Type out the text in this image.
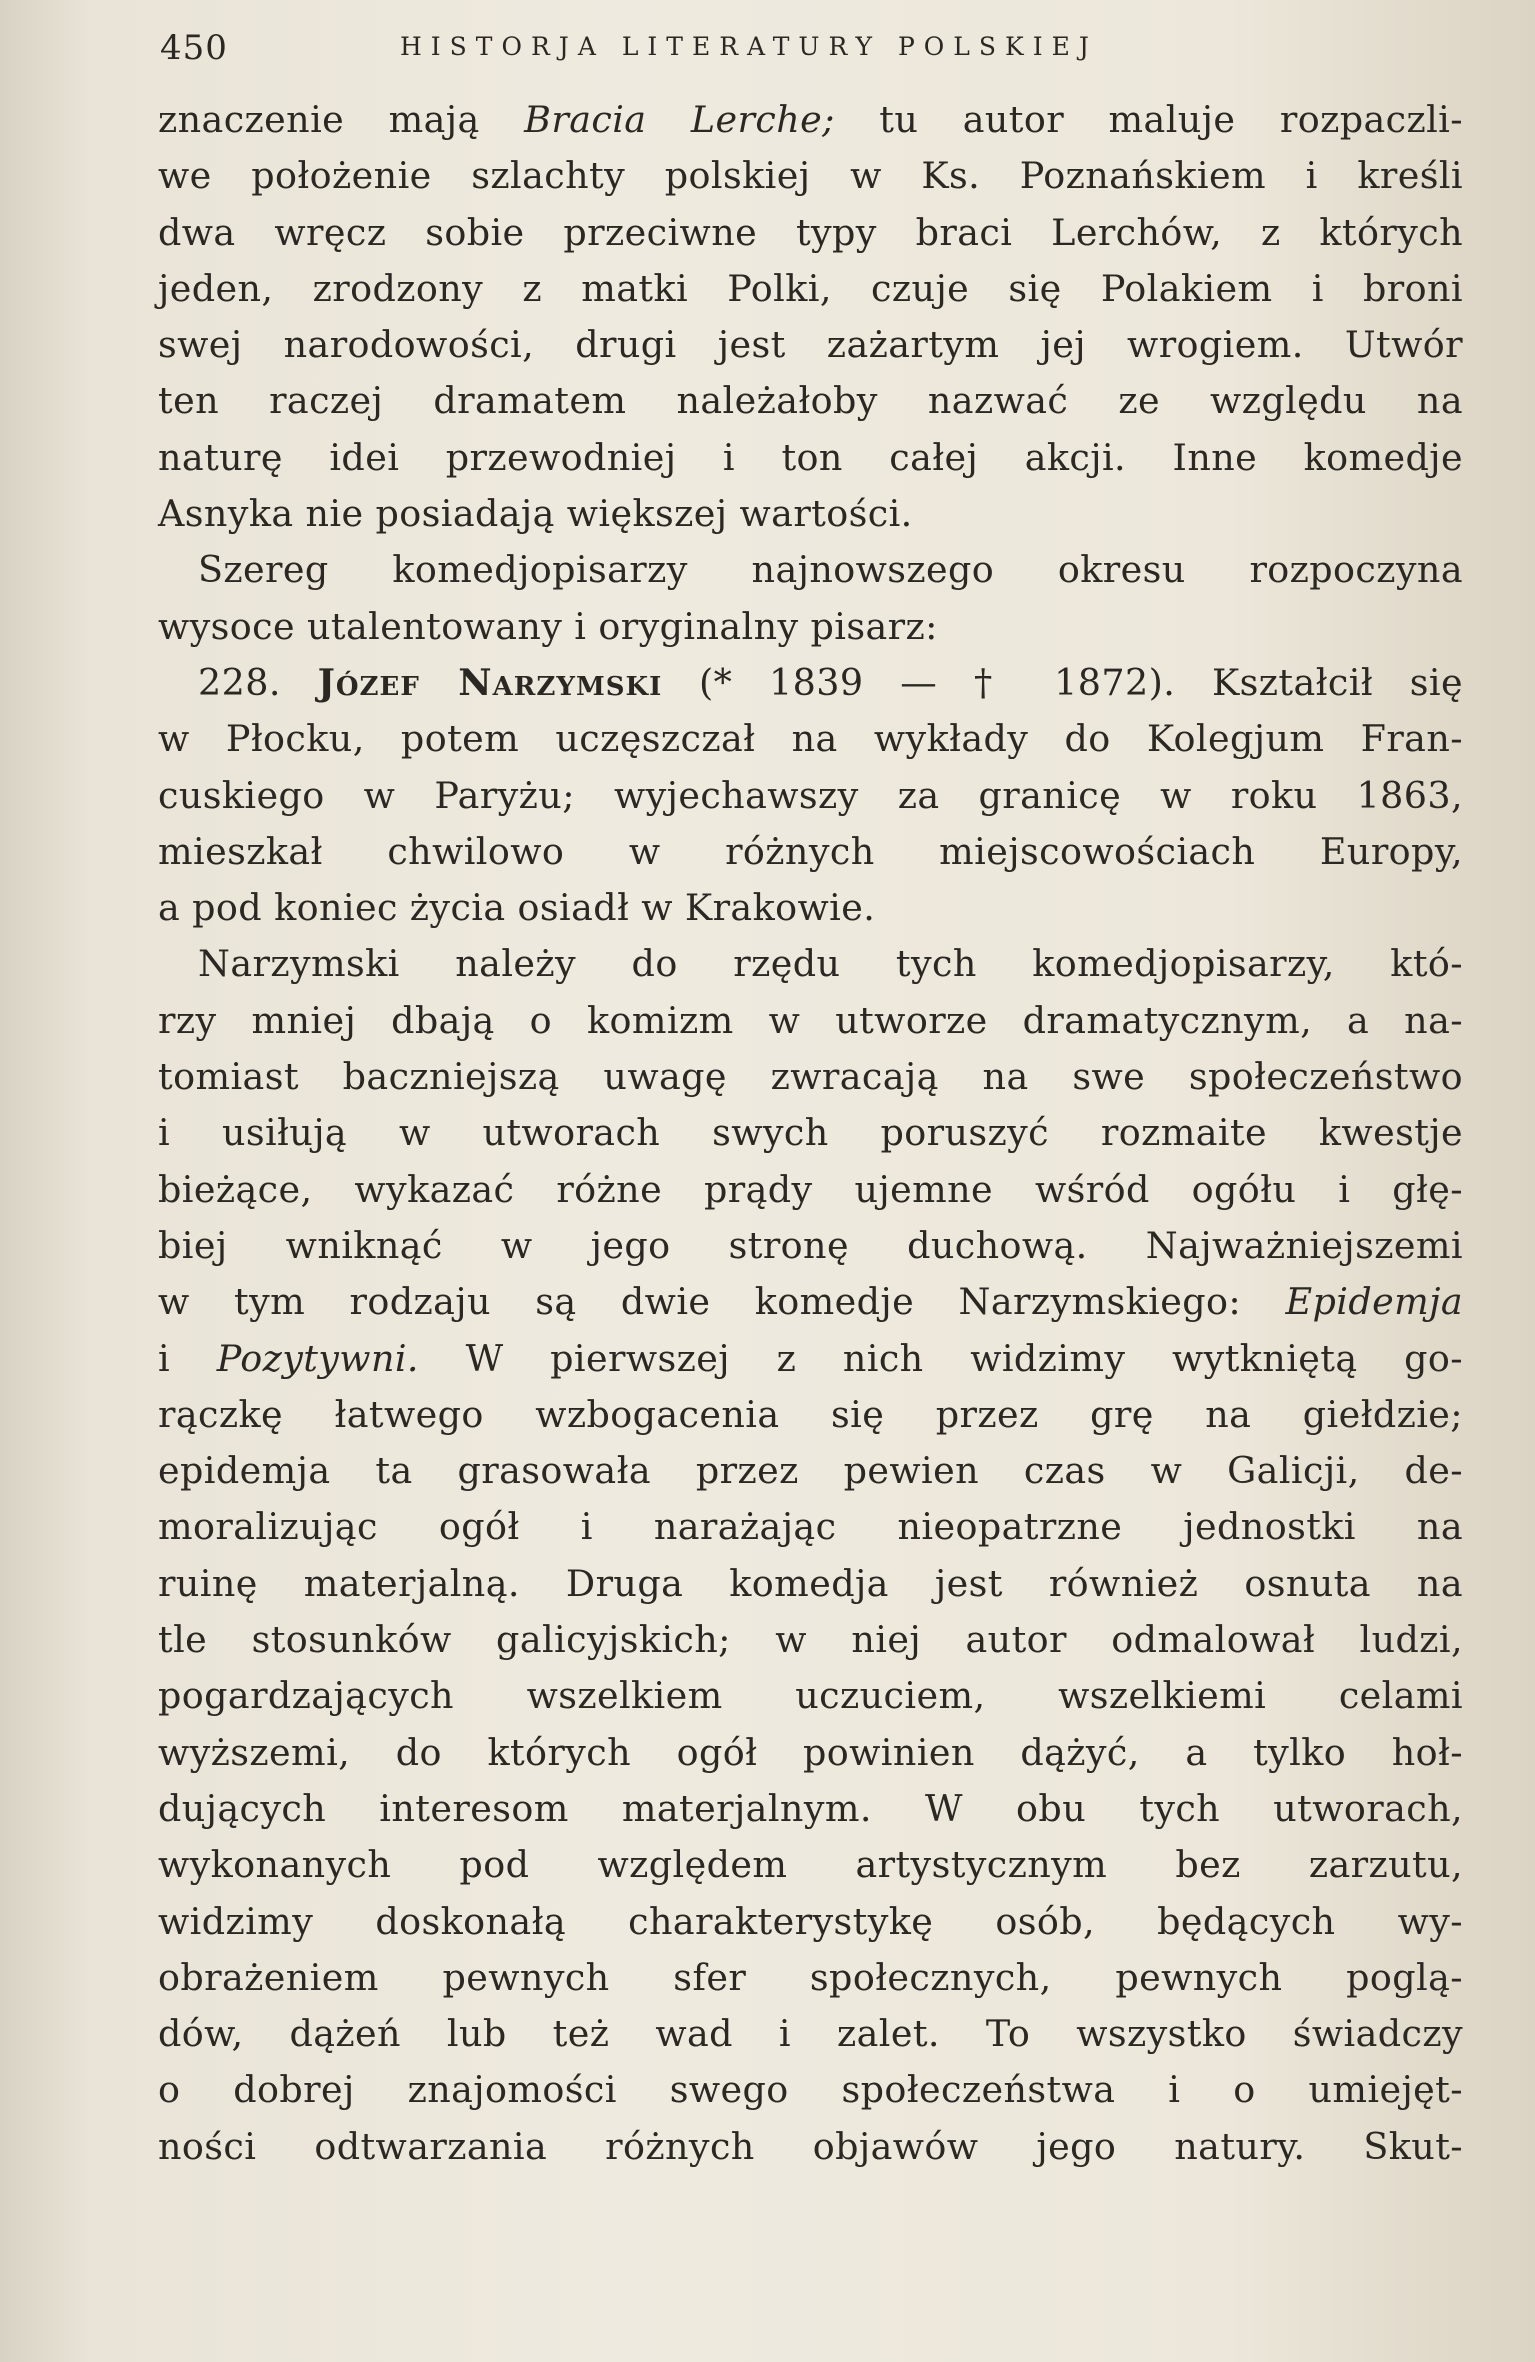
450	HISTORJA LITERATURY POLSKIEJ
znaczenie mają Bracia Lerche; tu autor maluje rozpaczli-
we położenie szlachty polskiej w Ks. Poznańskiem i kreśli
dwa wręcz sobie przeciwne typy braci Lerchów, z których
jeden, zrodzony z matki Polki, czuje się Polakiem i broni
swej narodowości, drugi jest zażartym jej wrogiem. Utwór
ten raczej dramatem należałoby nazwać ze względu na
naturę idei przewodniej i ton całej akcji. Inne komedje
Asnyka nie posiadają większej wartości.
Szereg komedjopisarzy najnowszego okresu rozpoczyna
wysoce utalentowany i oryginalny pisarz:
228. Józef Narzymski (* 1839 — † 1872). Kształcił się
w Płocku, potem uczęszczał na wykłady do Kolegjum Fran-
cuskiego w Paryżu; wyjechawszy za granicę w roku 1863,
mieszkał chwilowo w różnych miejscowościach Europy,
a pod koniec życia osiadł w Krakowie.
Narzymski należy do rzędu tych komedjopisarzy, któ-
rzy mniej dbają o komizm w utworze dramatycznym, a na-
tomiast baczniejszą uwagę zwracają na swe społeczeństwo
i usiłują w utworach swych poruszyć rozmaite kwestje
bieżące, wykazać różne prądy ujemne wśród ogółu i głę-
biej wniknąć w jego stronę duchową. Najważniejszemi
w tym rodzaju są dwie komedje Narzymskiego: Epidemja
i Pozytywni. W pierwszej z nich widzimy wytkniętą go-
rączkę łatwego wzbogacenia się przez grę na giełdzie;
epidemja ta grasowała przez pewien czas w Galicji, de-
moralizując ogół i narażając nieopatrzne jednostki na
ruinę materjalną. Druga komedja jest również osnuta na
tle stosunków galicyjskich; w niej autor odmalował ludzi,
pogardzających wszelkiem uczuciem, wszelkiemi celami
wyższemi, do których ogół powinien dążyć, a tylko hoł-
dujących interesom materjalnym. W obu tych utworach,
wykonanych pod względem artystycznym bez zarzutu,
widzimy doskonałą charakterystykę osób, będących wy-
obrażeniem pewnych sfer społecznych, pewnych poglą-
dów, dążeń lub też wad i zalet. To wszystko świadczy
o dobrej znajomości swego społeczeństwa i o umiejęt-
ności odtwarzania różnych objawów jego natury. Skut-
